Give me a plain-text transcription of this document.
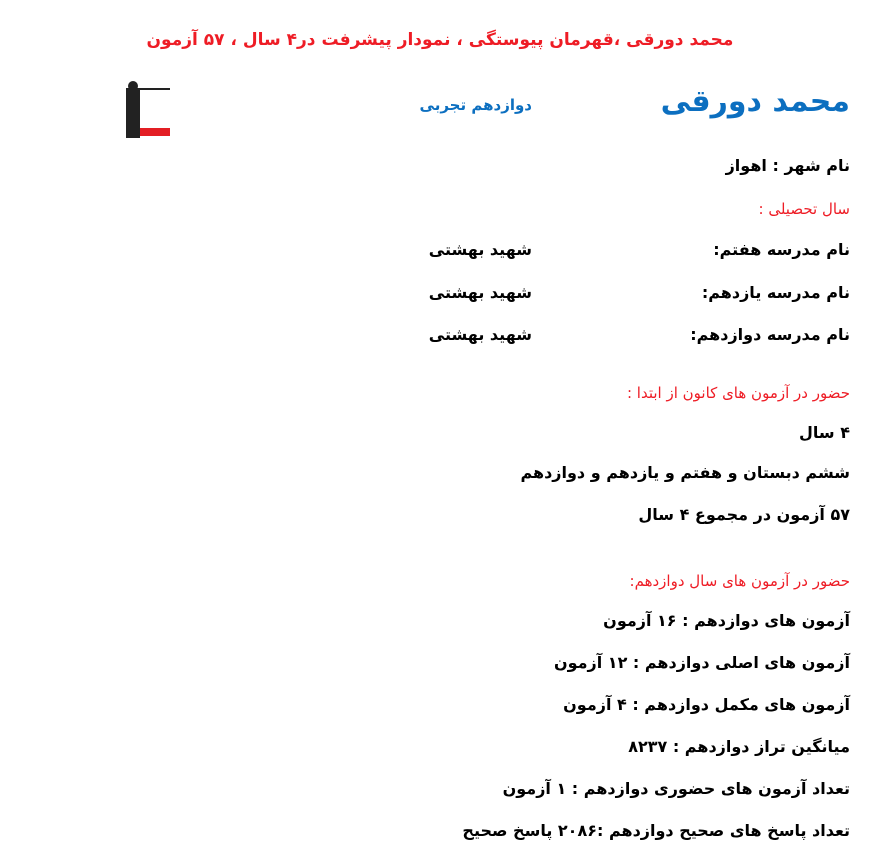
محمد دورقی ،قهرمان پیوستگی ، نمودار پیشرفت در۴ سال ، ۵۷ آزمون
محمد دورقی
دوازدهم تجربی
نام شهر : اهواز
سال تحصیلی :
نام مدرسه هفتم:
شهید بهشتی
نام مدرسه یازدهم:
شهید بهشتی
نام مدرسه دوازدهم:
شهید بهشتی
حضور در آزمون های کانون از ابتدا :
۴ سال
ششم دبستان و هفتم و یازدهم و دوازدهم
۵۷ آزمون در مجموع ۴ سال
حضور در آزمون های سال دوازدهم:
آزمون های دوازدهم : ۱۶ آزمون
آزمون های اصلی دوازدهم : ۱۲ آزمون
آزمون های مکمل دوازدهم : ۴ آزمون
میانگین تراز دوازدهم : ۸۲۳۷
تعداد آزمون های حضوری دوازدهم : ۱ آزمون
تعداد پاسخ های صحیح دوازدهم :۲۰۸۶ پاسخ صحیح
